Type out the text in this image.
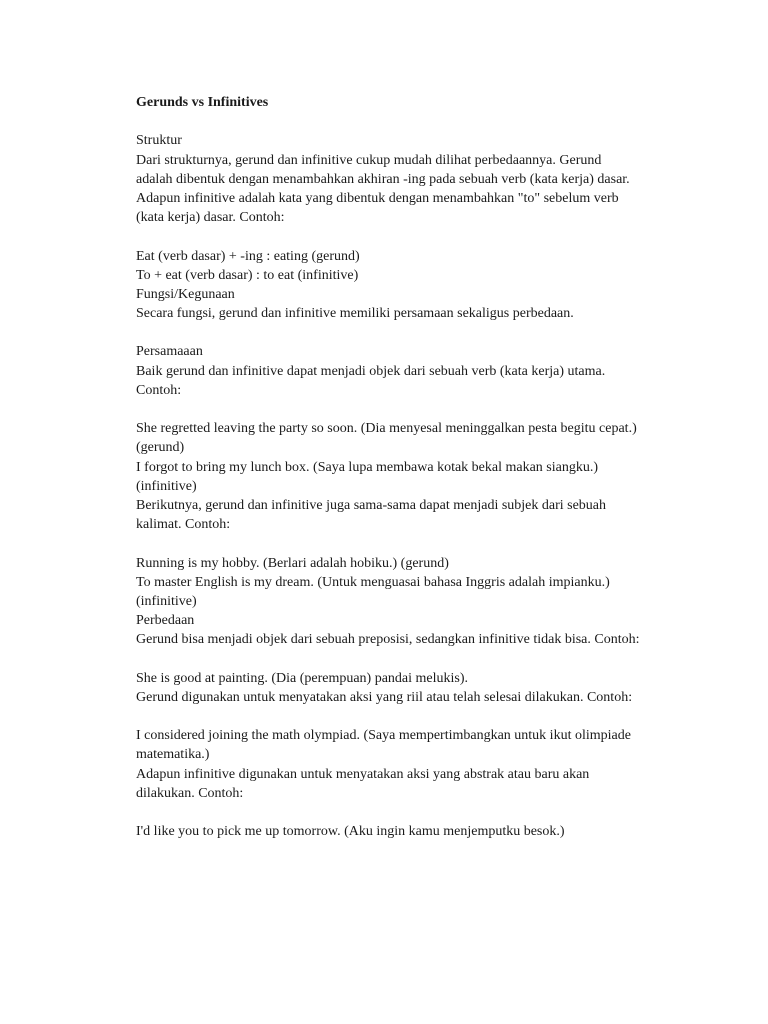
Gerunds vs Infinitives
Struktur
Dari strukturnya, gerund dan infinitive cukup mudah dilihat perbedaannya. Gerund
adalah dibentuk dengan menambahkan akhiran -ing pada sebuah verb (kata kerja) dasar.
Adapun infinitive adalah kata yang dibentuk dengan menambahkan "to" sebelum verb
(kata kerja) dasar. Contoh:
Eat (verb dasar) + -ing : eating (gerund)
To + eat (verb dasar) : to eat (infinitive)
Fungsi/Kegunaan
Secara fungsi, gerund dan infinitive memiliki persamaan sekaligus perbedaan.
Persamaaan
Baik gerund dan infinitive dapat menjadi objek dari sebuah verb (kata kerja) utama.
Contoh:
She regretted leaving the party so soon. (Dia menyesal meninggalkan pesta begitu cepat.)
(gerund)
I forgot to bring my lunch box. (Saya lupa membawa kotak bekal makan siangku.)
(infinitive)
Berikutnya, gerund dan infinitive juga sama-sama dapat menjadi subjek dari sebuah
kalimat. Contoh:
Running is my hobby. (Berlari adalah hobiku.) (gerund)
To master English is my dream. (Untuk menguasai bahasa Inggris adalah impianku.)
(infinitive)
Perbedaan
Gerund bisa menjadi objek dari sebuah preposisi, sedangkan infinitive tidak bisa. Contoh:
She is good at painting. (Dia (perempuan) pandai melukis).
Gerund digunakan untuk menyatakan aksi yang riil atau telah selesai dilakukan. Contoh:
I considered joining the math olympiad. (Saya mempertimbangkan untuk ikut olimpiade
matematika.)
Adapun infinitive digunakan untuk menyatakan aksi yang abstrak atau baru akan
dilakukan. Contoh:
I'd like you to pick me up tomorrow. (Aku ingin kamu menjemputku besok.)
